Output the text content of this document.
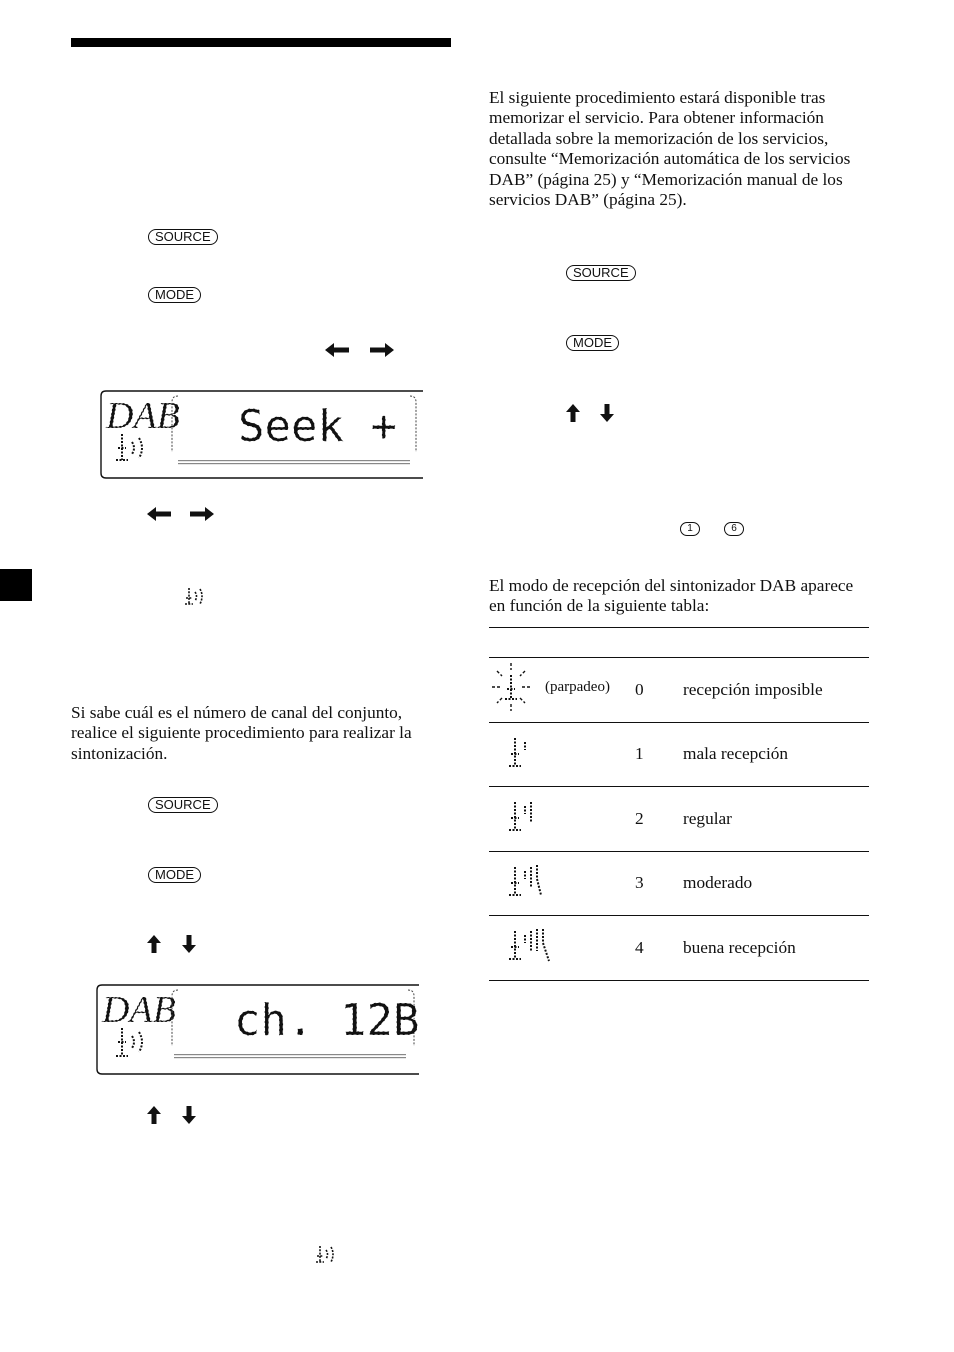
SOURCE
MODE
DAB Seek +
Si sabe cuál es el número de canal del conjunto, realice el siguiente procedimiento para realizar la sintonización.
SOURCE
MODE
DAB ch. 12B
El siguiente procedimiento estará disponible tras memorizar el servicio. Para obtener información detallada sobre la memorización de los servicios, consulte “Memorización automática de los servicios DAB” (página 25) y “Memorización manual de los servicios DAB” (página 25).
SOURCE
MODE
1	6
El modo de recepción del sintonizador DAB aparece en función de la siguiente tabla:

(parpadeo)	0	recepción imposible
	1	mala recepción
	2	regular
	3	moderado
	4	buena recepción
